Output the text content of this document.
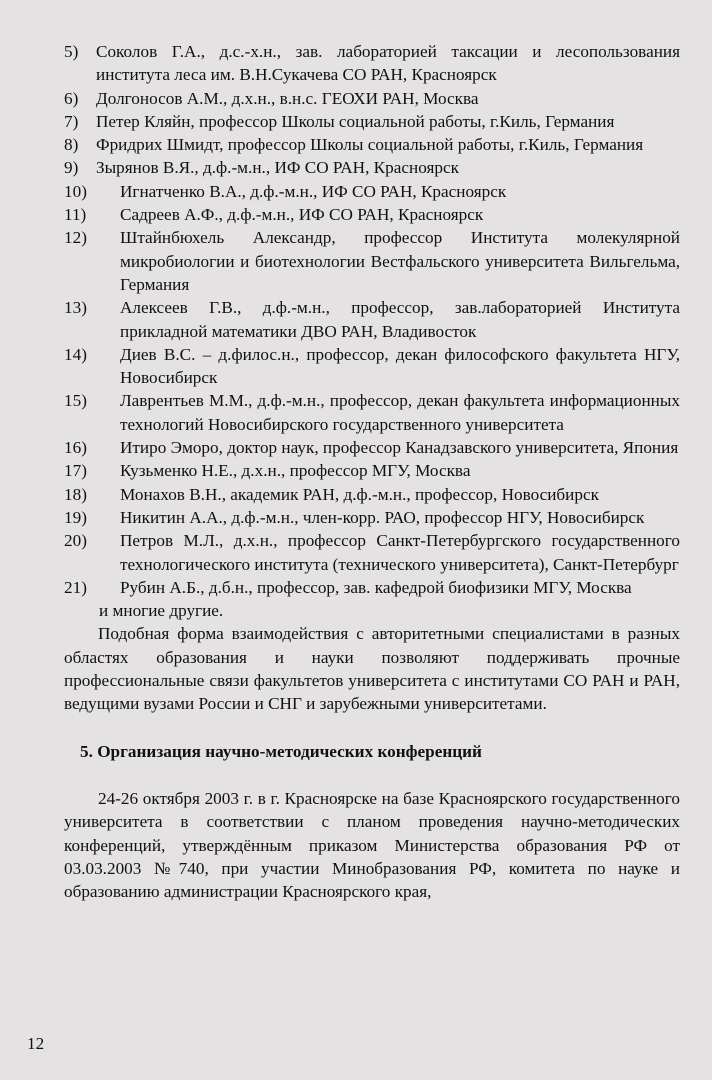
5)	Соколов Г.А., д.с.-х.н., зав. лабораторией таксации и лесопользования института леса им. В.Н.Сукачева СО РАН, Красноярск
6)	Долгоносов А.М., д.х.н., в.н.с. ГЕОХИ РАН, Москва
7)	Петер Кляйн, профессор Школы социальной работы, г.Киль, Германия
8)	Фридрих Шмидт, профессор Школы социальной работы, г.Киль, Германия
9)	Зырянов В.Я., д.ф.-м.н., ИФ СО РАН, Красноярск
10)	Игнатченко В.А., д.ф.-м.н., ИФ СО РАН, Красноярск
11)	Садреев А.Ф., д.ф.-м.н., ИФ СО РАН, Красноярск
12)	Штайнбюхель Александр, профессор Института молекулярной микробиологии и биотехнологии Вестфальского университета Вильгельма, Германия
13)	Алексеев Г.В., д.ф.-м.н., профессор, зав.лабораторией Института прикладной математики ДВО РАН, Владивосток
14)	Диев В.С. – д.филос.н., профессор, декан философского факультета НГУ, Новосибирск
15)	Лаврентьев М.М., д.ф.-м.н., профессор, декан факультета информационных технологий Новосибирского государственного университета
16)	Итиро Эморо, доктор наук, профессор Канадзавского университета, Япония
17)	Кузьменко Н.Е., д.х.н., профессор МГУ, Москва
18)	Монахов В.Н., академик РАН, д.ф.-м.н., профессор, Новосибирск
19)	Никитин А.А., д.ф.-м.н., член-корр. РАО, профессор НГУ, Новосибирск
20)	Петров М.Л., д.х.н., профессор Санкт-Петербургского государственного технологического института (технического университета), Санкт-Петербург
21)	Рубин А.Б., д.б.н., профессор, зав. кафедрой биофизики МГУ, Москва

и многие другие.

Подобная форма взаимодействия с авторитетными специалистами в разных областях образования и науки позволяют поддерживать прочные профессиональные связи факультетов университета с институтами СО РАН и РАН, ведущими вузами России и СНГ и зарубежными университетами.

5. Организация научно-методических конференций

24-26 октября 2003 г. в г. Красноярске на базе Красноярского государственного университета в соответствии с планом проведения научно-методических конференций, утверждённым приказом Министерства образования РФ от 03.03.2003 №740, при участии Минобразования РФ, комитета по науке и образованию администрации Красноярского края,

12
